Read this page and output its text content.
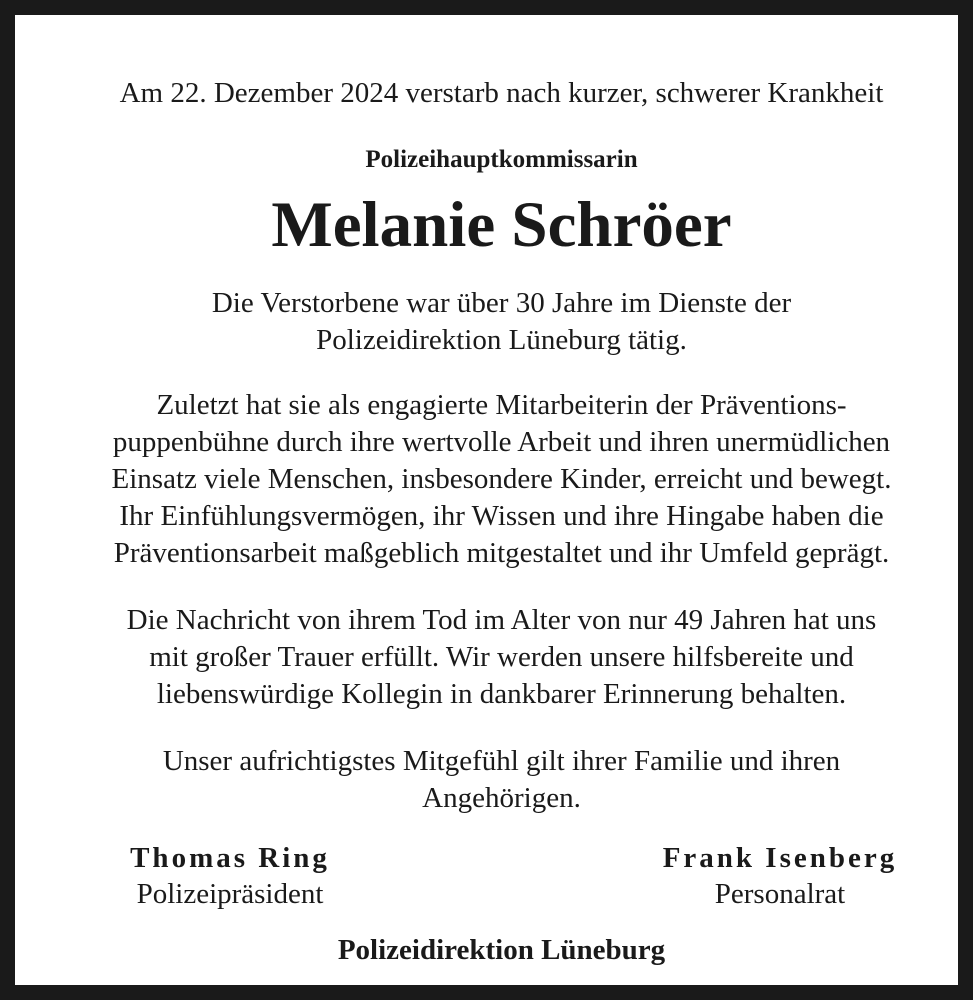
Am 22. Dezember 2024 verstarb nach kurzer, schwerer Krankheit
Polizeihauptkommissarin
Melanie Schröer
Die Verstorbene war über 30 Jahre im Dienste der
Polizeidirektion Lüneburg tätig.
Zuletzt hat sie als engagierte Mitarbeiterin der Präventions-
puppenbühne durch ihre wertvolle Arbeit und ihren unermüdlichen
Einsatz viele Menschen, insbesondere Kinder, erreicht und bewegt.
Ihr Einfühlungsvermögen, ihr Wissen und ihre Hingabe haben die
Präventionsarbeit maßgeblich mitgestaltet und ihr Umfeld geprägt.
Die Nachricht von ihrem Tod im Alter von nur 49 Jahren hat uns
mit großer Trauer erfüllt. Wir werden unsere hilfsbereite und
liebenswürdige Kollegin in dankbarer Erinnerung behalten.
Unser aufrichtigstes Mitgefühl gilt ihrer Familie und ihren
Angehörigen.
Thomas Ring
Polizeipräsident
Frank Isenberg
Personalrat
Polizeidirektion Lüneburg
